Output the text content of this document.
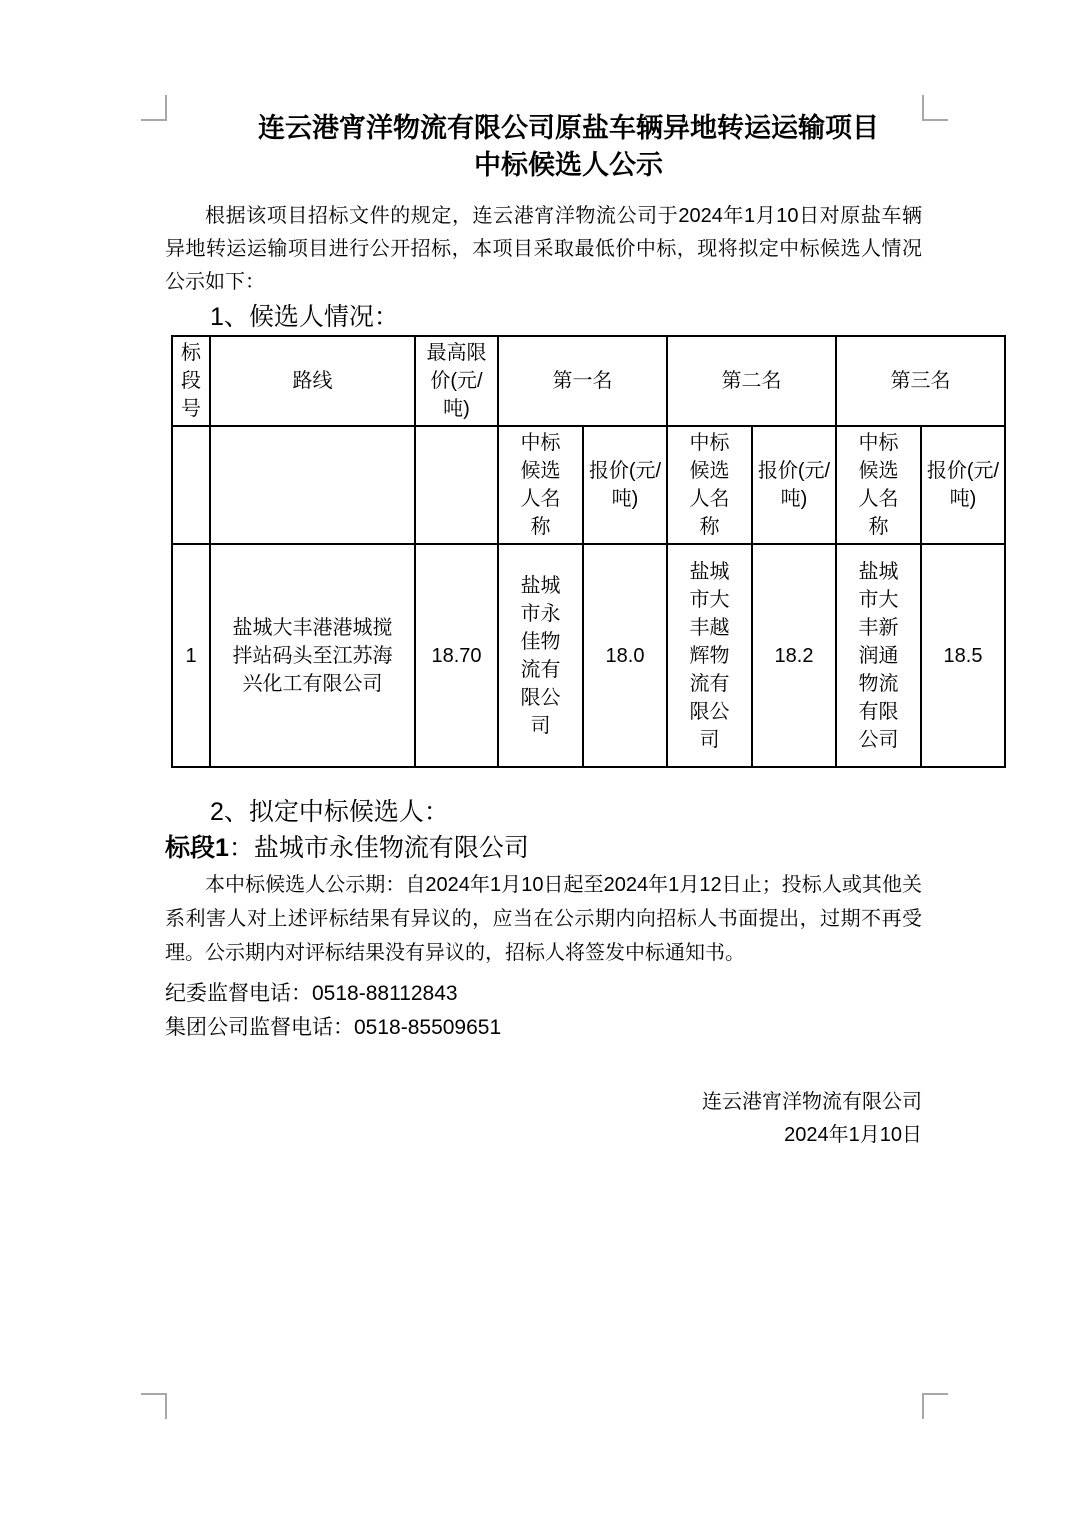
连云港宵洋物流有限公司原盐车辆异地转运运输项目
中标候选人公示

根据该项目招标文件的规定，连云港宵洋物流公司于2024年1月10日对原盐车辆异地转运运输项目进行公开招标，本项目采取最低价中标，现将拟定中标候选人情况公示如下：

1、候选人情况：

标段号	路线	最高限价(元/吨)	第一名		第二名		第三名	
			中标候选人名称	报价(元/吨)	中标候选人名称	报价(元/吨)	中标候选人名称	报价(元/吨)
1	盐城大丰港港城搅拌站码头至江苏海兴化工有限公司	18.70	盐城市永佳物流有限公司	18.0	盐城市大丰越辉物流有限公司	18.2	盐城市大丰新润通物流有限公司	18.5

2、拟定中标候选人：

标段1：盐城市永佳物流有限公司

本中标候选人公示期：自2024年1月10日起至2024年1月12日止；投标人或其他关系利害人对上述评标结果有异议的，应当在公示期内向招标人书面提出，过期不再受理。公示期内对评标结果没有异议的，招标人将签发中标通知书。

纪委监督电话：0518-88112843

集团公司监督电话：0518-85509651

连云港宵洋物流有限公司

2024年1月10日
